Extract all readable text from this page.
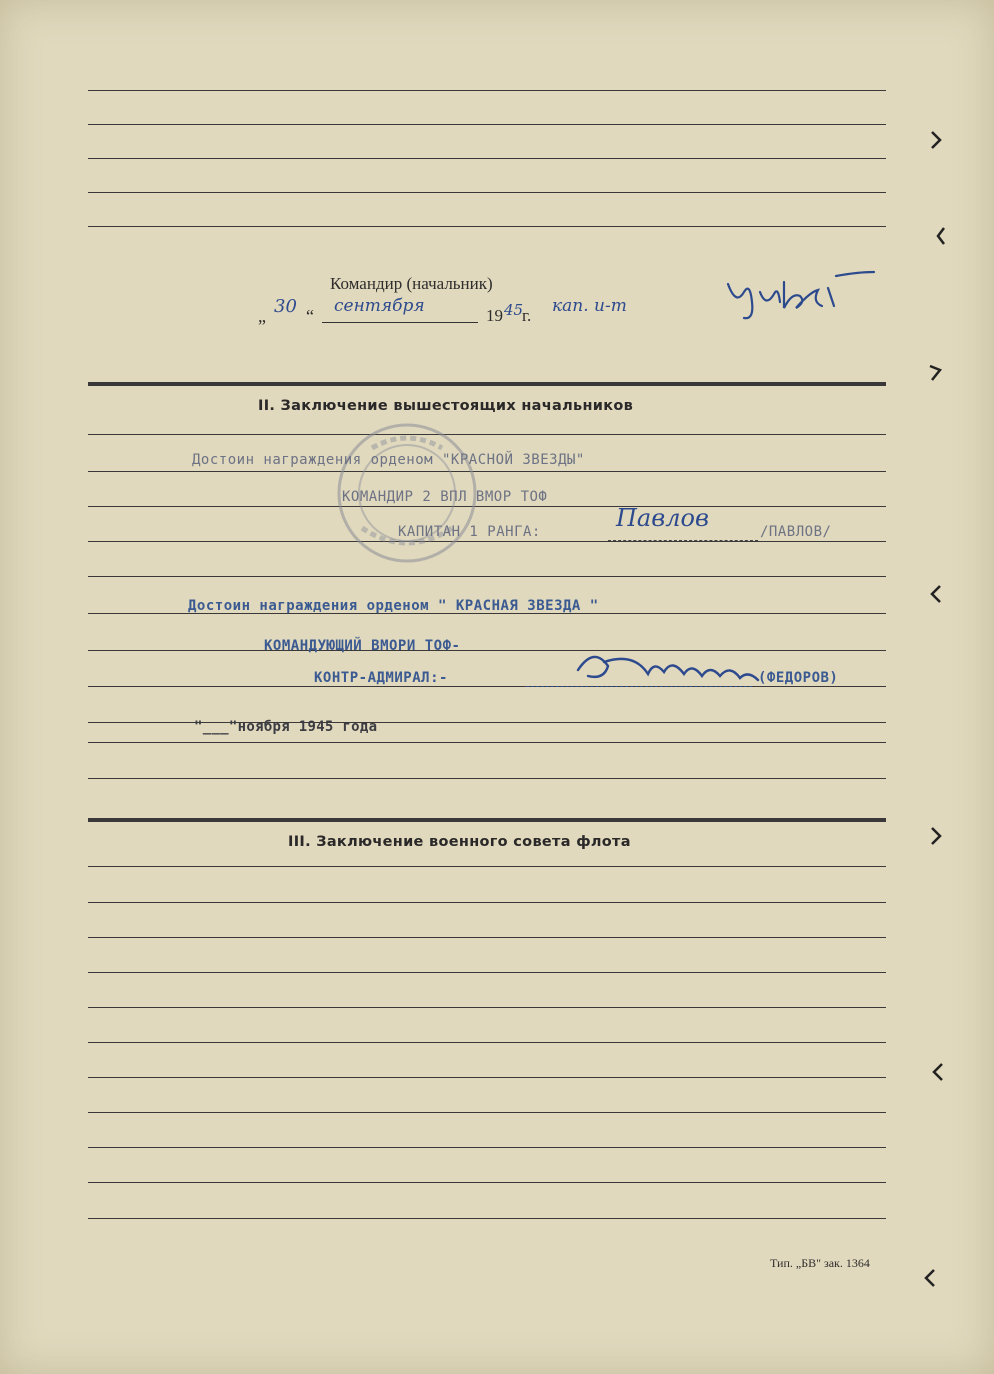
Командир (начальник)
„ 30 “ сентября	19 45
г. кап. и-т
II. Заключение вышестоящих начальников
Достоин награждения орденом "КРАСНОЙ ЗВЕЗДЫ"
КОМАНДИР 2 ВПЛ ВМОР ТОФ
КАПИТАН 1 РАНГА:	Павлов	/ПАВЛОВ/
Достоин награждения орденом " КРАСНАЯ ЗВЕЗДА "
КОМАНДУЮЩИЙ ВМОРИ ТОФ-
КОНТР-АДМИРАЛ:-	(ФЕДОРОВ)
"___"ноября 1945 года
III. Заключение военного совета флота
Тип. „БВ" зак. 1364
